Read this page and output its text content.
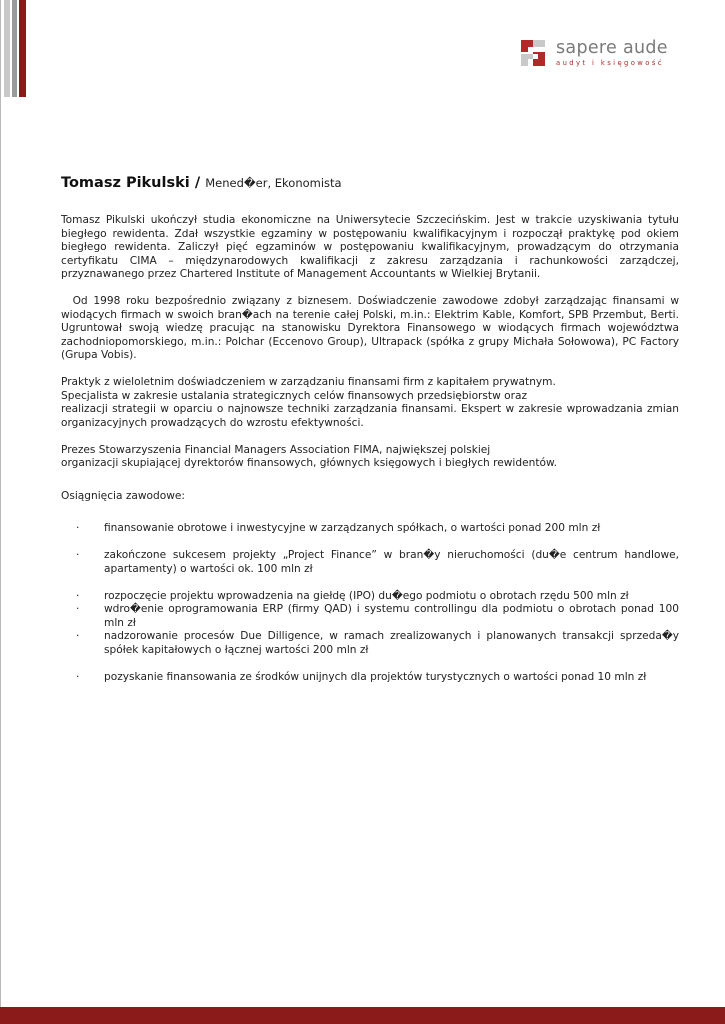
sapere aude
audyt i księgowość
Tomasz Pikulski / Mened�er, Ekonomista

Tomasz Pikulski ukończył studia ekonomiczne na Uniwersytecie Szczecińskim. Jest w trakcie uzyskiwania tytułu biegłego rewidenta. Zdał wszystkie egzaminy w postępowaniu kwalifikacyjnym i rozpoczął praktykę pod okiem biegłego rewidenta. Zaliczył pięć egzaminów w postępowaniu kwalifikacyjnym, prowadzącym do otrzymania certyfikatu CIMA – międzynarodowych kwalifikacji z zakresu zarządzania i rachunkowości zarządczej, przyznawanego przez Chartered Institute of Management Accountants w Wielkiej Brytanii.

Od 1998 roku bezpośrednio związany z biznesem. Doświadczenie zawodowe zdobył zarządzając finansami w wiodących firmach w swoich bran�ach na terenie całej Polski, m.in.: Elektrim Kable, Komfort, SPB Przembut, Berti. Ugruntował swoją wiedzę pracując na stanowisku Dyrektora Finansowego w wiodących firmach województwa zachodniopomorskiego, m.in.: Polchar (Eccenovo Group), Ultrapack (spółka z grupy Michała Sołowowa), PC Factory (Grupa Vobis).

Praktyk z wieloletnim doświadczeniem w zarządzaniu finansami firm z kapitałem prywatnym.

Specjalista w zakresie ustalania strategicznych celów finansowych przedsiębiorstw oraz

realizacji strategii w oparciu o najnowsze techniki zarządzania finansami. Ekspert w zakresie wprowadzania zmian organizacyjnych prowadzących do wzrostu efektywności.

Prezes Stowarzyszenia Financial Managers Association FIMA, największej polskiej

organizacji skupiającej dyrektorów finansowych, głównych księgowych i biegłych rewidentów.

Osiągnięcia zawodowe:

· finansowanie obrotowe i inwestycyjne w zarządzanych spółkach, o wartości ponad 200 mln zł
· zakończone sukcesem projekty „Project Finance” w bran�y nieruchomości (du�e centrum handlowe, apartamenty) o wartości ok. 100 mln zł
· rozpoczęcie projektu wprowadzenia na giełdę (IPO) du�ego podmiotu o obrotach rzędu 500 mln zł
· wdro�enie oprogramowania ERP (firmy QAD) i systemu controllingu dla podmiotu o obrotach ponad 100 mln zł
· nadzorowanie procesów Due Dilligence, w ramach zrealizowanych i planowanych transakcji sprzeda�y spółek kapitałowych o łącznej wartości 200 mln zł
· pozyskanie finansowania ze środków unijnych dla projektów turystycznych o wartości ponad 10 mln zł
